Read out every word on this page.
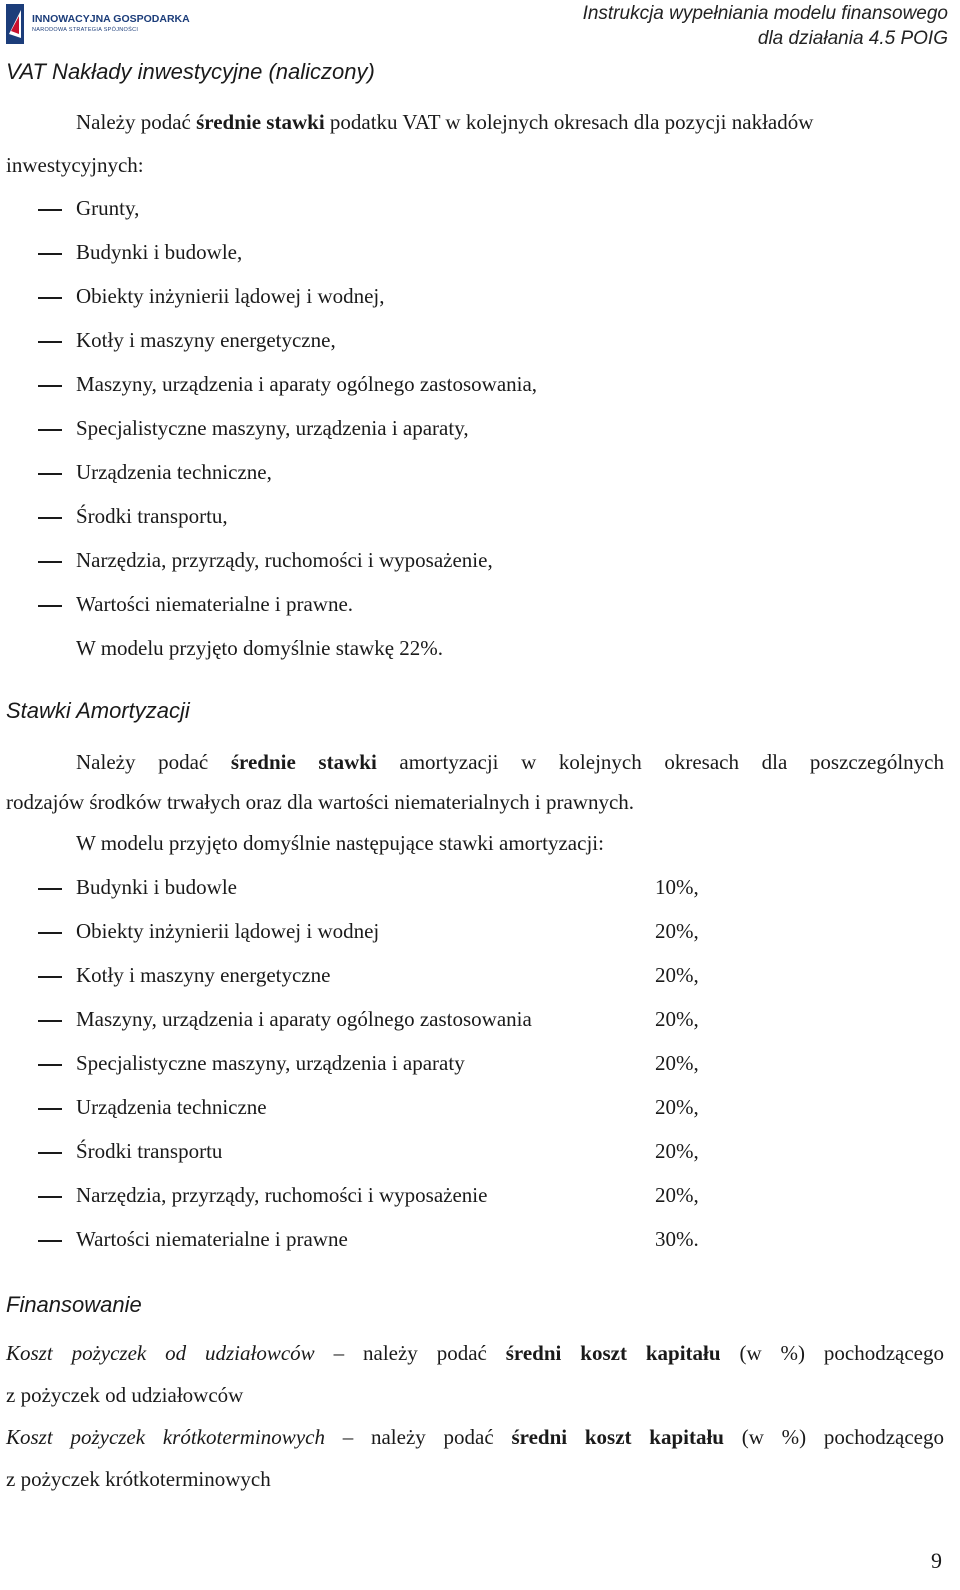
INNOWACYJNA GOSPODARKA
NARODOWA STRATEGIA SPÓJNOŚCI
Instrukcja wypełniania modelu finansowego
dla działania 4.5 POIG
VAT Nakłady inwestycyjne (naliczony)
Należy podać średnie stawki podatku VAT w kolejnych okresach dla pozycji nakładów
inwestycyjnych:
Grunty,
Budynki i budowle,
Obiekty inżynierii lądowej i wodnej,
Kotły i maszyny energetyczne,
Maszyny, urządzenia i aparaty ogólnego zastosowania,
Specjalistyczne maszyny, urządzenia i aparaty,
Urządzenia techniczne,
Środki transportu,
Narzędzia, przyrządy, ruchomości i wyposażenie,
Wartości niematerialne i prawne.
W modelu przyjęto domyślnie stawkę 22%.
Stawki Amortyzacji
Należy podać średnie stawki amortyzacji w kolejnych okresach dla poszczególnych
rodzajów środków trwałych oraz dla wartości niematerialnych i prawnych.
W modelu przyjęto domyślnie następujące stawki amortyzacji:
Budynki i budowle	10%,
Obiekty inżynierii lądowej i wodnej	20%,
Kotły i maszyny energetyczne	20%,
Maszyny, urządzenia i aparaty ogólnego zastosowania	20%,
Specjalistyczne maszyny, urządzenia i aparaty	20%,
Urządzenia techniczne	20%,
Środki transportu	20%,
Narzędzia, przyrządy, ruchomości i wyposażenie	20%,
Wartości niematerialne i prawne	30%.
Finansowanie
Koszt pożyczek od udziałowców – należy podać średni koszt kapitału (w %) pochodzącego
z pożyczek od udziałowców
Koszt pożyczek krótkoterminowych – należy podać średni koszt kapitału (w %) pochodzącego
z pożyczek krótkoterminowych
9
